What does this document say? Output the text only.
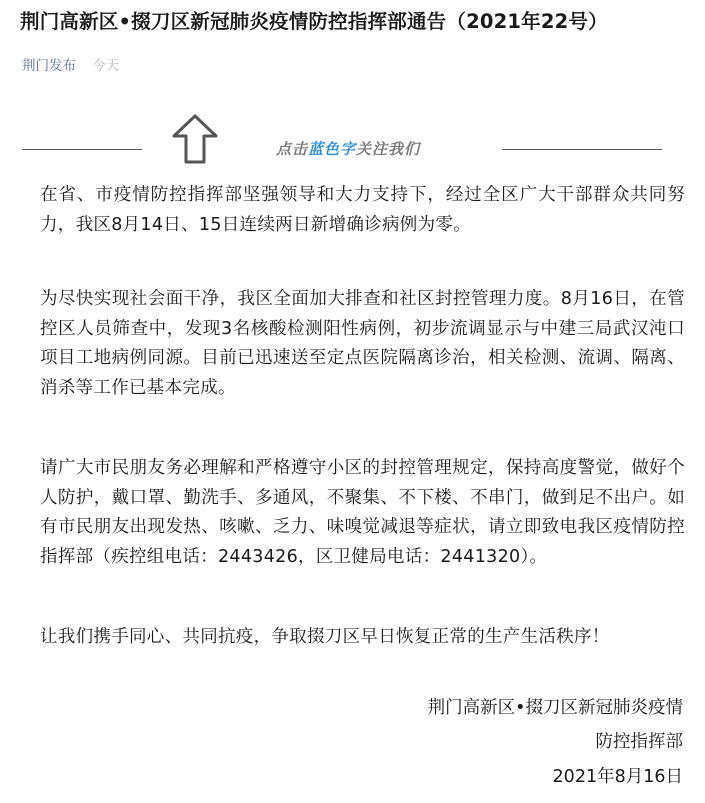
荆门高新区•掇刀区新冠肺炎疫情防控指挥部通告（2021年22号）
荆门发布 今天
点击蓝色字关注我们

在省、市疫情防控指挥部坚强领导和大力支持下，经过全区广大干部群众共同努力，我区8月14日、15日连续两日新增确诊病例为零。

为尽快实现社会面干净，我区全面加大排查和社区封控管理力度。8月16日，在管控区人员筛查中，发现3名核酸检测阳性病例，初步流调显示与中建三局武汉沌口项目工地病例同源。目前已迅速送至定点医院隔离诊治，相关检测、流调、隔离、消杀等工作已基本完成。

请广大市民朋友务必理解和严格遵守小区的封控管理规定，保持高度警觉，做好个人防护，戴口罩、勤洗手、多通风，不聚集、不下楼、不串门，做到足不出户。如有市民朋友出现发热、咳嗽、乏力、味嗅觉减退等症状，请立即致电我区疫情防控指挥部（疾控组电话：2443426，区卫健局电话：2441320）。

让我们携手同心、共同抗疫，争取掇刀区早日恢复正常的生产生活秩序！

荆门高新区•掇刀区新冠肺炎疫情
防控指挥部
2021年8月16日
